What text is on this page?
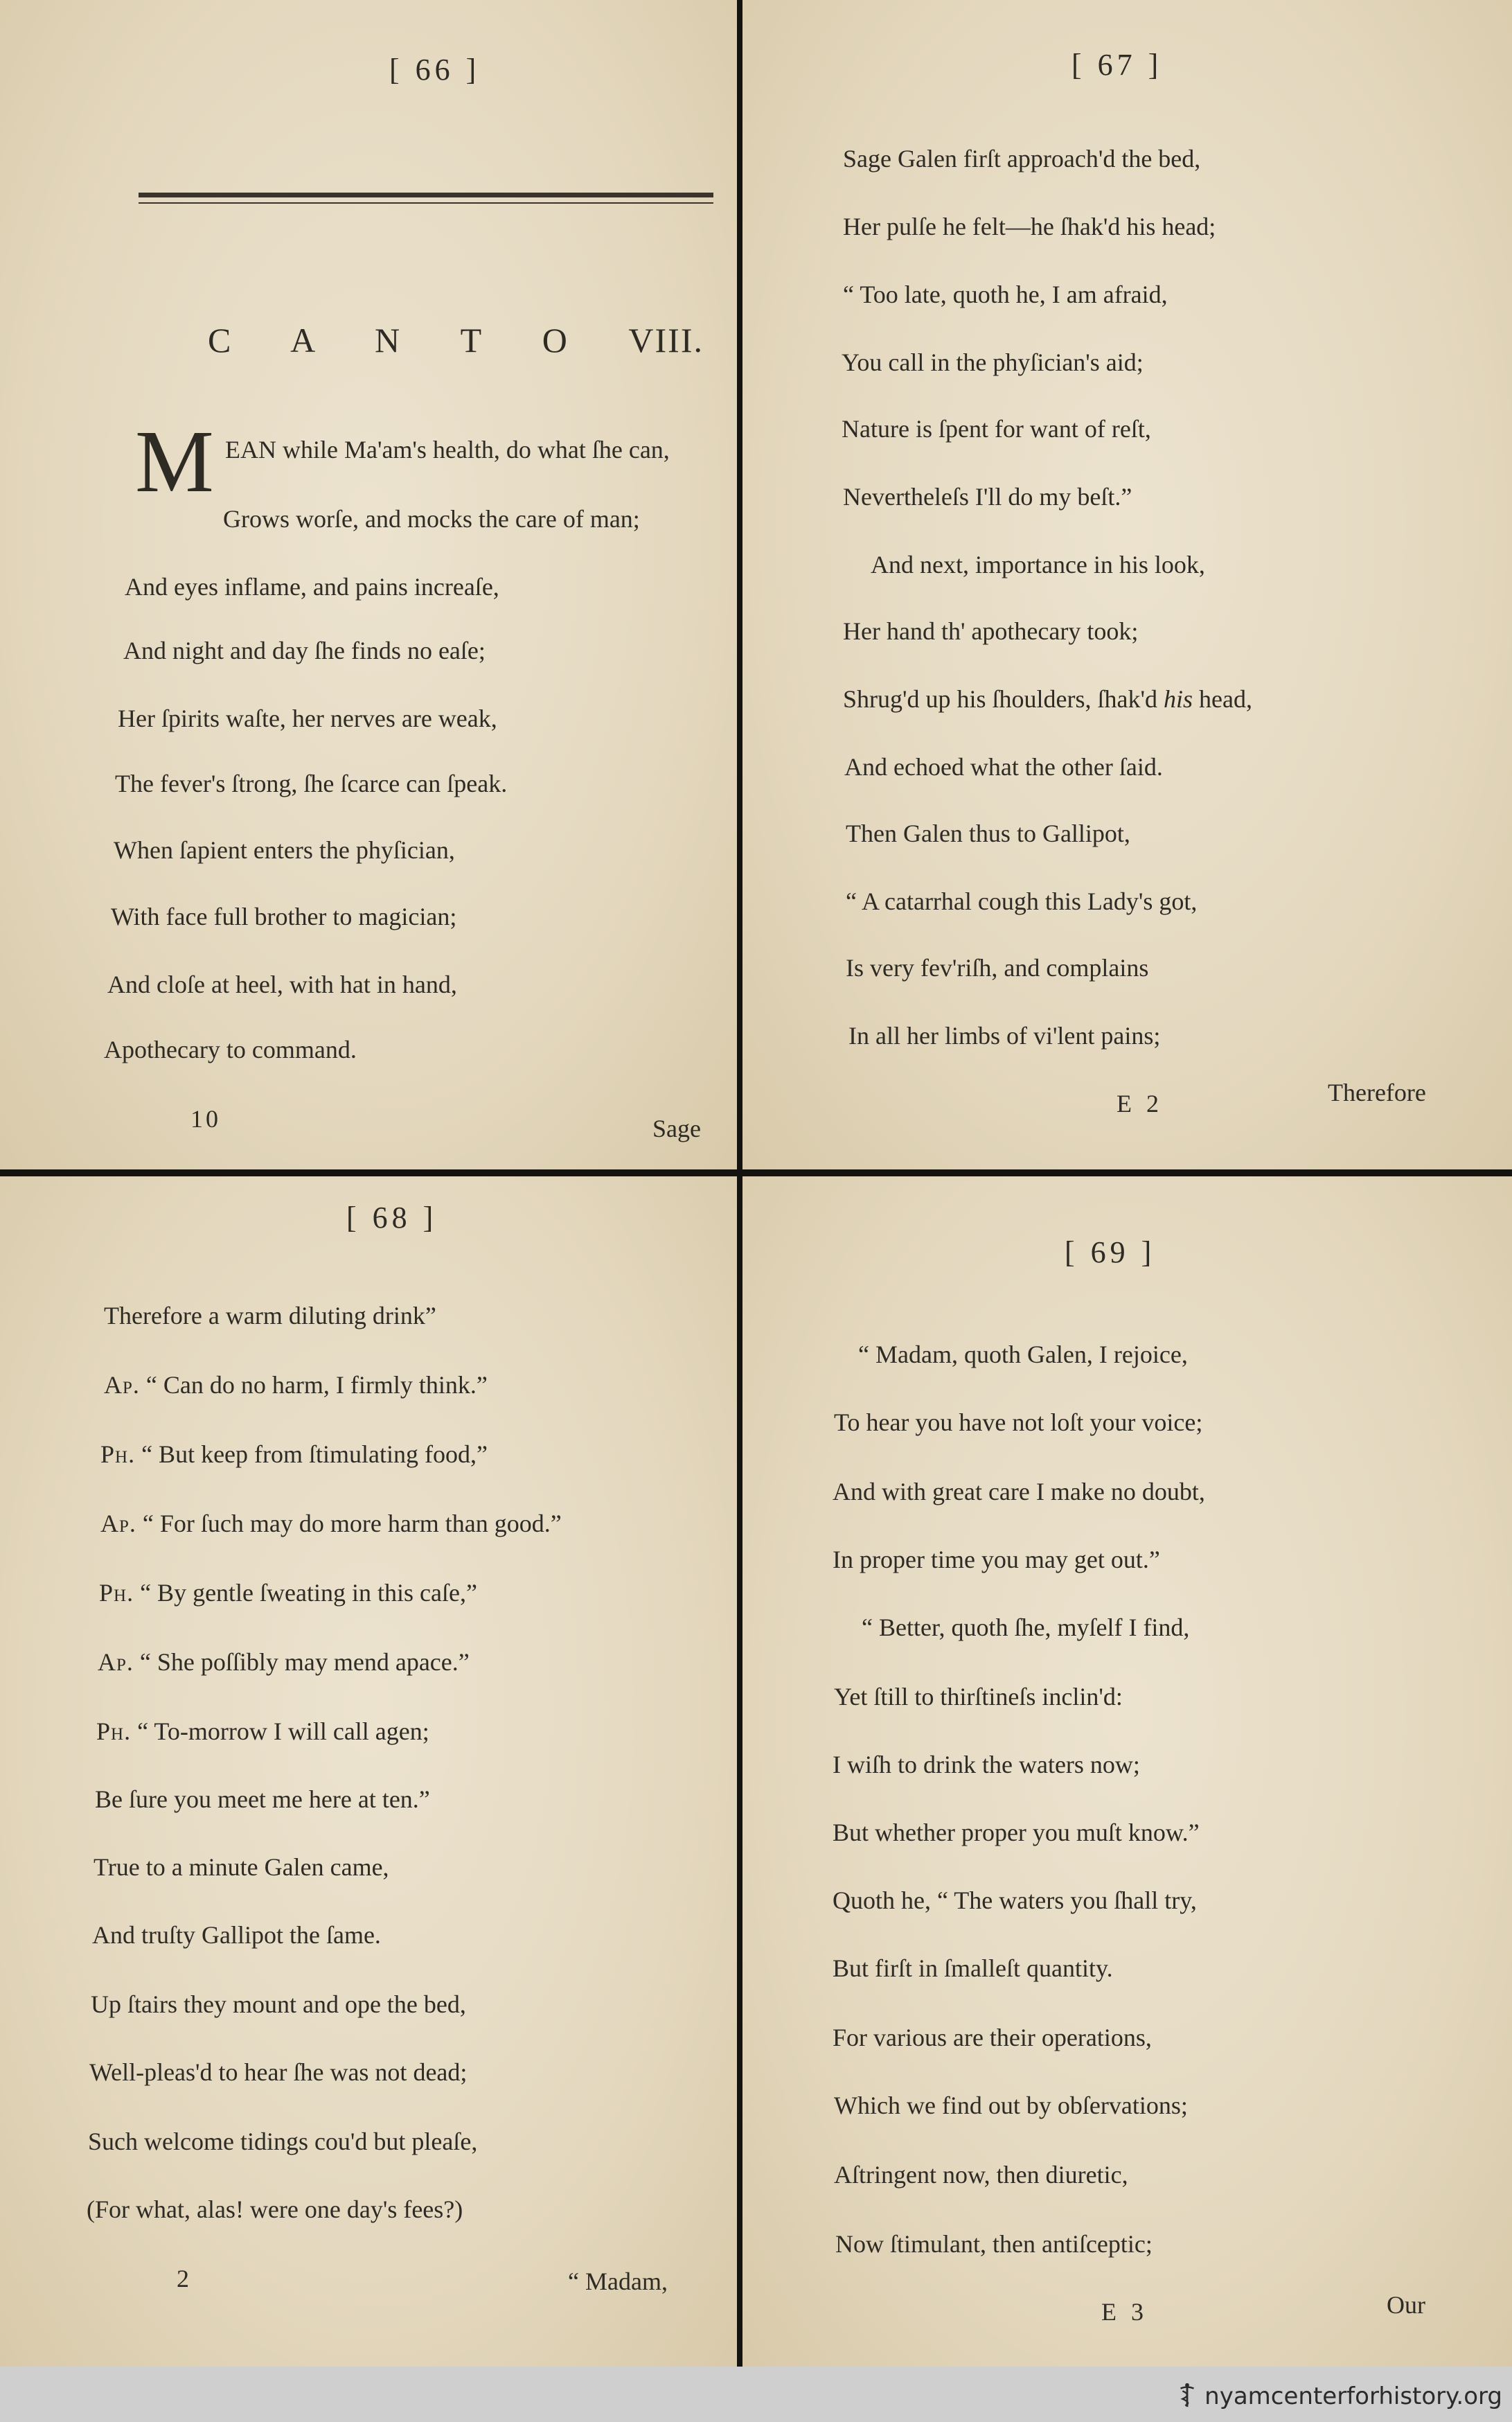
[ 66 ]
C A N T O VIII.
M EAN while Ma'am's health, do what ſhe can,
Grows worſe, and mocks the care of man;
And eyes inflame, and pains increaſe,
And night and day ſhe finds no eaſe;
Her ſpirits waſte, her nerves are weak,
The fever's ſtrong, ſhe ſcarce can ſpeak.
When ſapient enters the phyſician,
With face full brother to magician;
And cloſe at heel, with hat in hand,
Apothecary to command.
10	Sage
[ 67 ]
Sage Galen firſt approach'd the bed,
Her pulſe he felt—he ſhak'd his head;
“ Too late, quoth he, I am afraid,
You call in the phyſician's aid;
Nature is ſpent for want of reſt,
Neverthelеſs I'll do my beſt.”
And next, importance in his look,
Her hand th' apothecary took;
Shrug'd up his ſhoulders, ſhak'd his head,
And echoed what the other ſaid.
Then Galen thus to Gallipot,
“ A catarrhal cough this Lady's got,
Is very fev'riſh, and complains
In all her limbs of vi'lent pains;
E 2	Therefore
[ 68 ]
Therefore a warm diluting drink”
Ap. “ Can do no harm, I firmly think.”
Ph. “ But keep from ſtimulating food,”
Ap. “ For ſuch may do more harm than good.”
Ph. “ By gentle ſweating in this caſe,”
Ap. “ She poſſibly may mend apace.”
Ph. “ To-morrow I will call agen;
Be ſure you meet me here at ten.”
True to a minute Galen came,
And truſty Gallipot the ſame.
Up ſtairs they mount and ope the bed,
Well-pleas'd to hear ſhe was not dead;
Such welcome tidings cou'd but pleaſe,
(For what, alas! were one day's fees?)
2	“ Madam,
[ 69 ]
“ Madam, quoth Galen, I rejoice,
To hear you have not loſt your voice;
And with great care I make no doubt,
In proper time you may get out.”
“ Better, quoth ſhe, myſelf I find,
Yet ſtill to thirſtineſs inclin'd:
I wiſh to drink the waters now;
But whether proper you muſt know.”
Quoth he, “ The waters you ſhall try,
But firſt in ſmalleſt quantity.
For various are their operations,
Which we find out by obſervations;
Aſtringent now, then diuretic,
Now ſtimulant, then antiſceptic;
E 3	Our
nyamcenterforhistory.org
